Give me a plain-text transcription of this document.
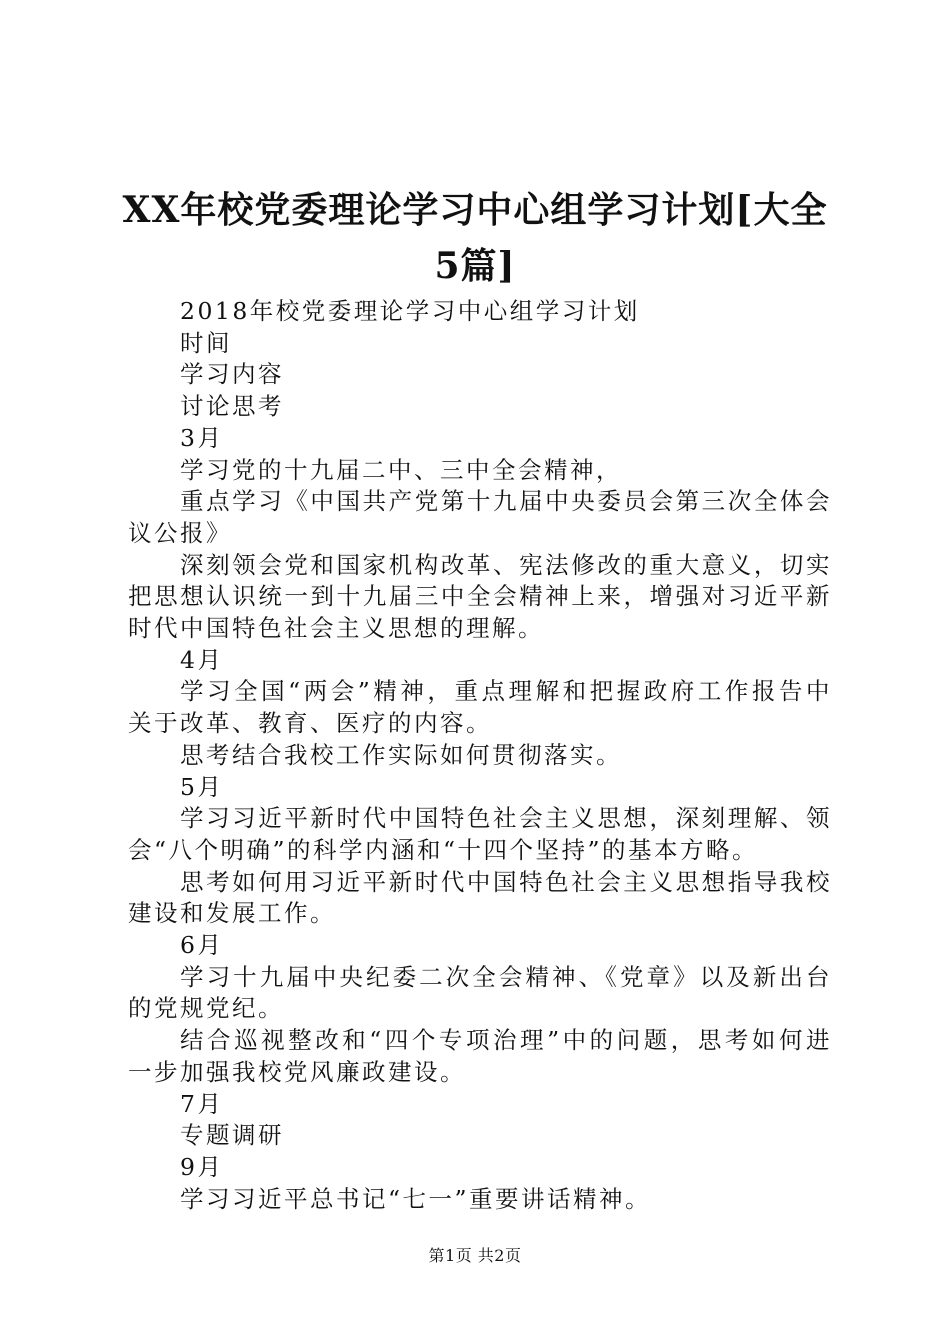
XX年校党委理论学习中心组学习计划[大全5篇]

2018年校党委理论学习中心组学习计划

时间

学习内容

讨论思考

3月

学习党的十九届二中、三中全会精神，

重点学习《中国共产党第十九届中央委员会第三次全体会议公报》

深刻领会党和国家机构改革、宪法修改的重大意义，切实把思想认识统一到十九届三中全会精神上来，增强对习近平新时代中国特色社会主义思想的理解。

4月

学习全国“两会”精神，重点理解和把握政府工作报告中关于改革、教育、医疗的内容。

思考结合我校工作实际如何贯彻落实。

5月

学习习近平新时代中国特色社会主义思想，深刻理解、领会“八个明确”的科学内涵和“十四个坚持”的基本方略。

思考如何用习近平新时代中国特色社会主义思想指导我校建设和发展工作。

6月

学习十九届中央纪委二次全会精神、《党章》以及新出台的党规党纪。

结合巡视整改和“四个专项治理”中的问题，思考如何进一步加强我校党风廉政建设。

7月

专题调研

9月

学习习近平总书记“七一”重要讲话精神。

第1页 共2页
